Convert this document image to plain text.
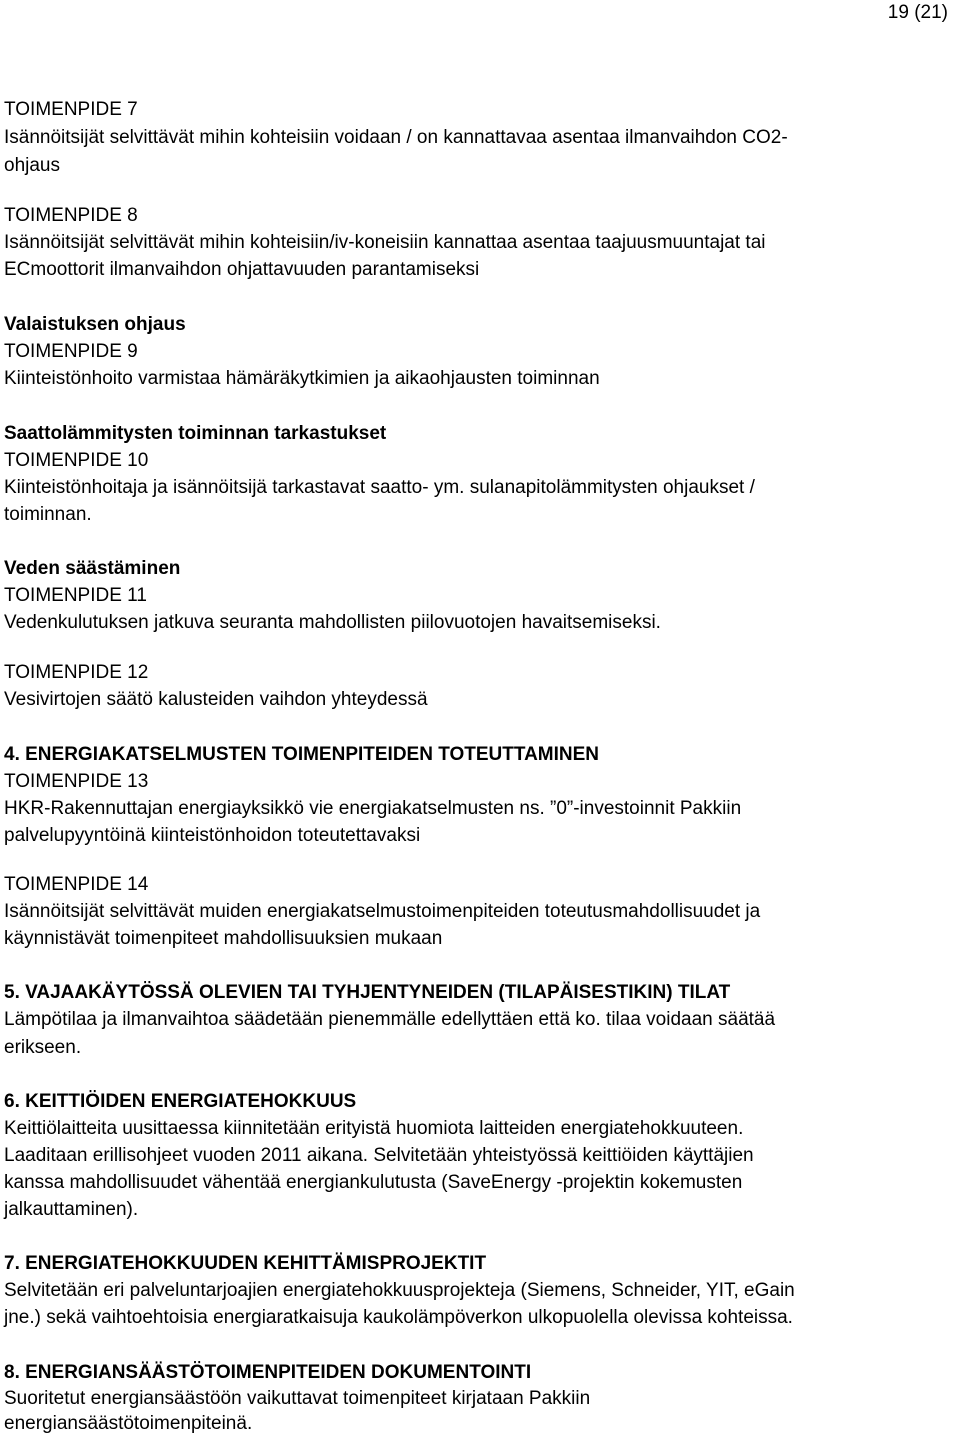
19 (21)
TOIMENPIDE 7
Isännöitsijät selvittävät mihin kohteisiin voidaan / on kannattavaa asentaa ilmanvaihdon CO2-
ohjaus
TOIMENPIDE 8
Isännöitsijät selvittävät mihin kohteisiin/iv-koneisiin kannattaa asentaa taajuusmuuntajat tai
ECmoottorit ilmanvaihdon ohjattavuuden parantamiseksi
Valaistuksen ohjaus
TOIMENPIDE 9
Kiinteistönhoito varmistaa hämäräkytkimien ja aikaohjausten toiminnan
Saattolämmitysten toiminnan tarkastukset
TOIMENPIDE 10
Kiinteistönhoitaja ja isännöitsijä tarkastavat saatto- ym. sulanapitolämmitysten ohjaukset /
toiminnan.
Veden säästäminen
TOIMENPIDE 11
Vedenkulutuksen jatkuva seuranta mahdollisten piilovuotojen havaitsemiseksi.
TOIMENPIDE 12
Vesivirtojen säätö kalusteiden vaihdon yhteydessä
4. ENERGIAKATSELMUSTEN TOIMENPITEIDEN TOTEUTTAMINEN
TOIMENPIDE 13
HKR-Rakennuttajan energiayksikkö vie energiakatselmusten ns. ”0”-investoinnit Pakkiin
palvelupyyntöinä kiinteistönhoidon toteutettavaksi
TOIMENPIDE 14
Isännöitsijät selvittävät muiden energiakatselmustoimenpiteiden toteutusmahdollisuudet ja
käynnistävät toimenpiteet mahdollisuuksien mukaan
5. VAJAAKÄYTÖSSÄ OLEVIEN TAI TYHJENTYNEIDEN (TILAPÄISESTIKIN) TILAT
Lämpötilaa ja ilmanvaihtoa säädetään pienemmälle edellyttäen että ko. tilaa voidaan säätää
erikseen.
6. KEITTIÖIDEN ENERGIATEHOKKUUS
Keittiölaitteita uusittaessa kiinnitetään erityistä huomiota laitteiden energiatehokkuuteen.
Laaditaan erillisohjeet vuoden 2011 aikana. Selvitetään yhteistyössä keittiöiden käyttäjien
kanssa mahdollisuudet vähentää energiankulutusta (SaveEnergy -projektin kokemusten
jalkauttaminen).
7. ENERGIATEHOKKUUDEN KEHITTÄMISPROJEKTIT
Selvitetään eri palveluntarjoajien energiatehokkuusprojekteja (Siemens, Schneider, YIT, eGain
jne.) sekä vaihtoehtoisia energiaratkaisuja kaukolämpöverkon ulkopuolella olevissa kohteissa.
8. ENERGIANSÄÄSTÖTOIMENPITEIDEN DOKUMENTOINTI
Suoritetut energiansäästöön vaikuttavat toimenpiteet kirjataan Pakkiin
energiansäästötoimenpiteinä.
